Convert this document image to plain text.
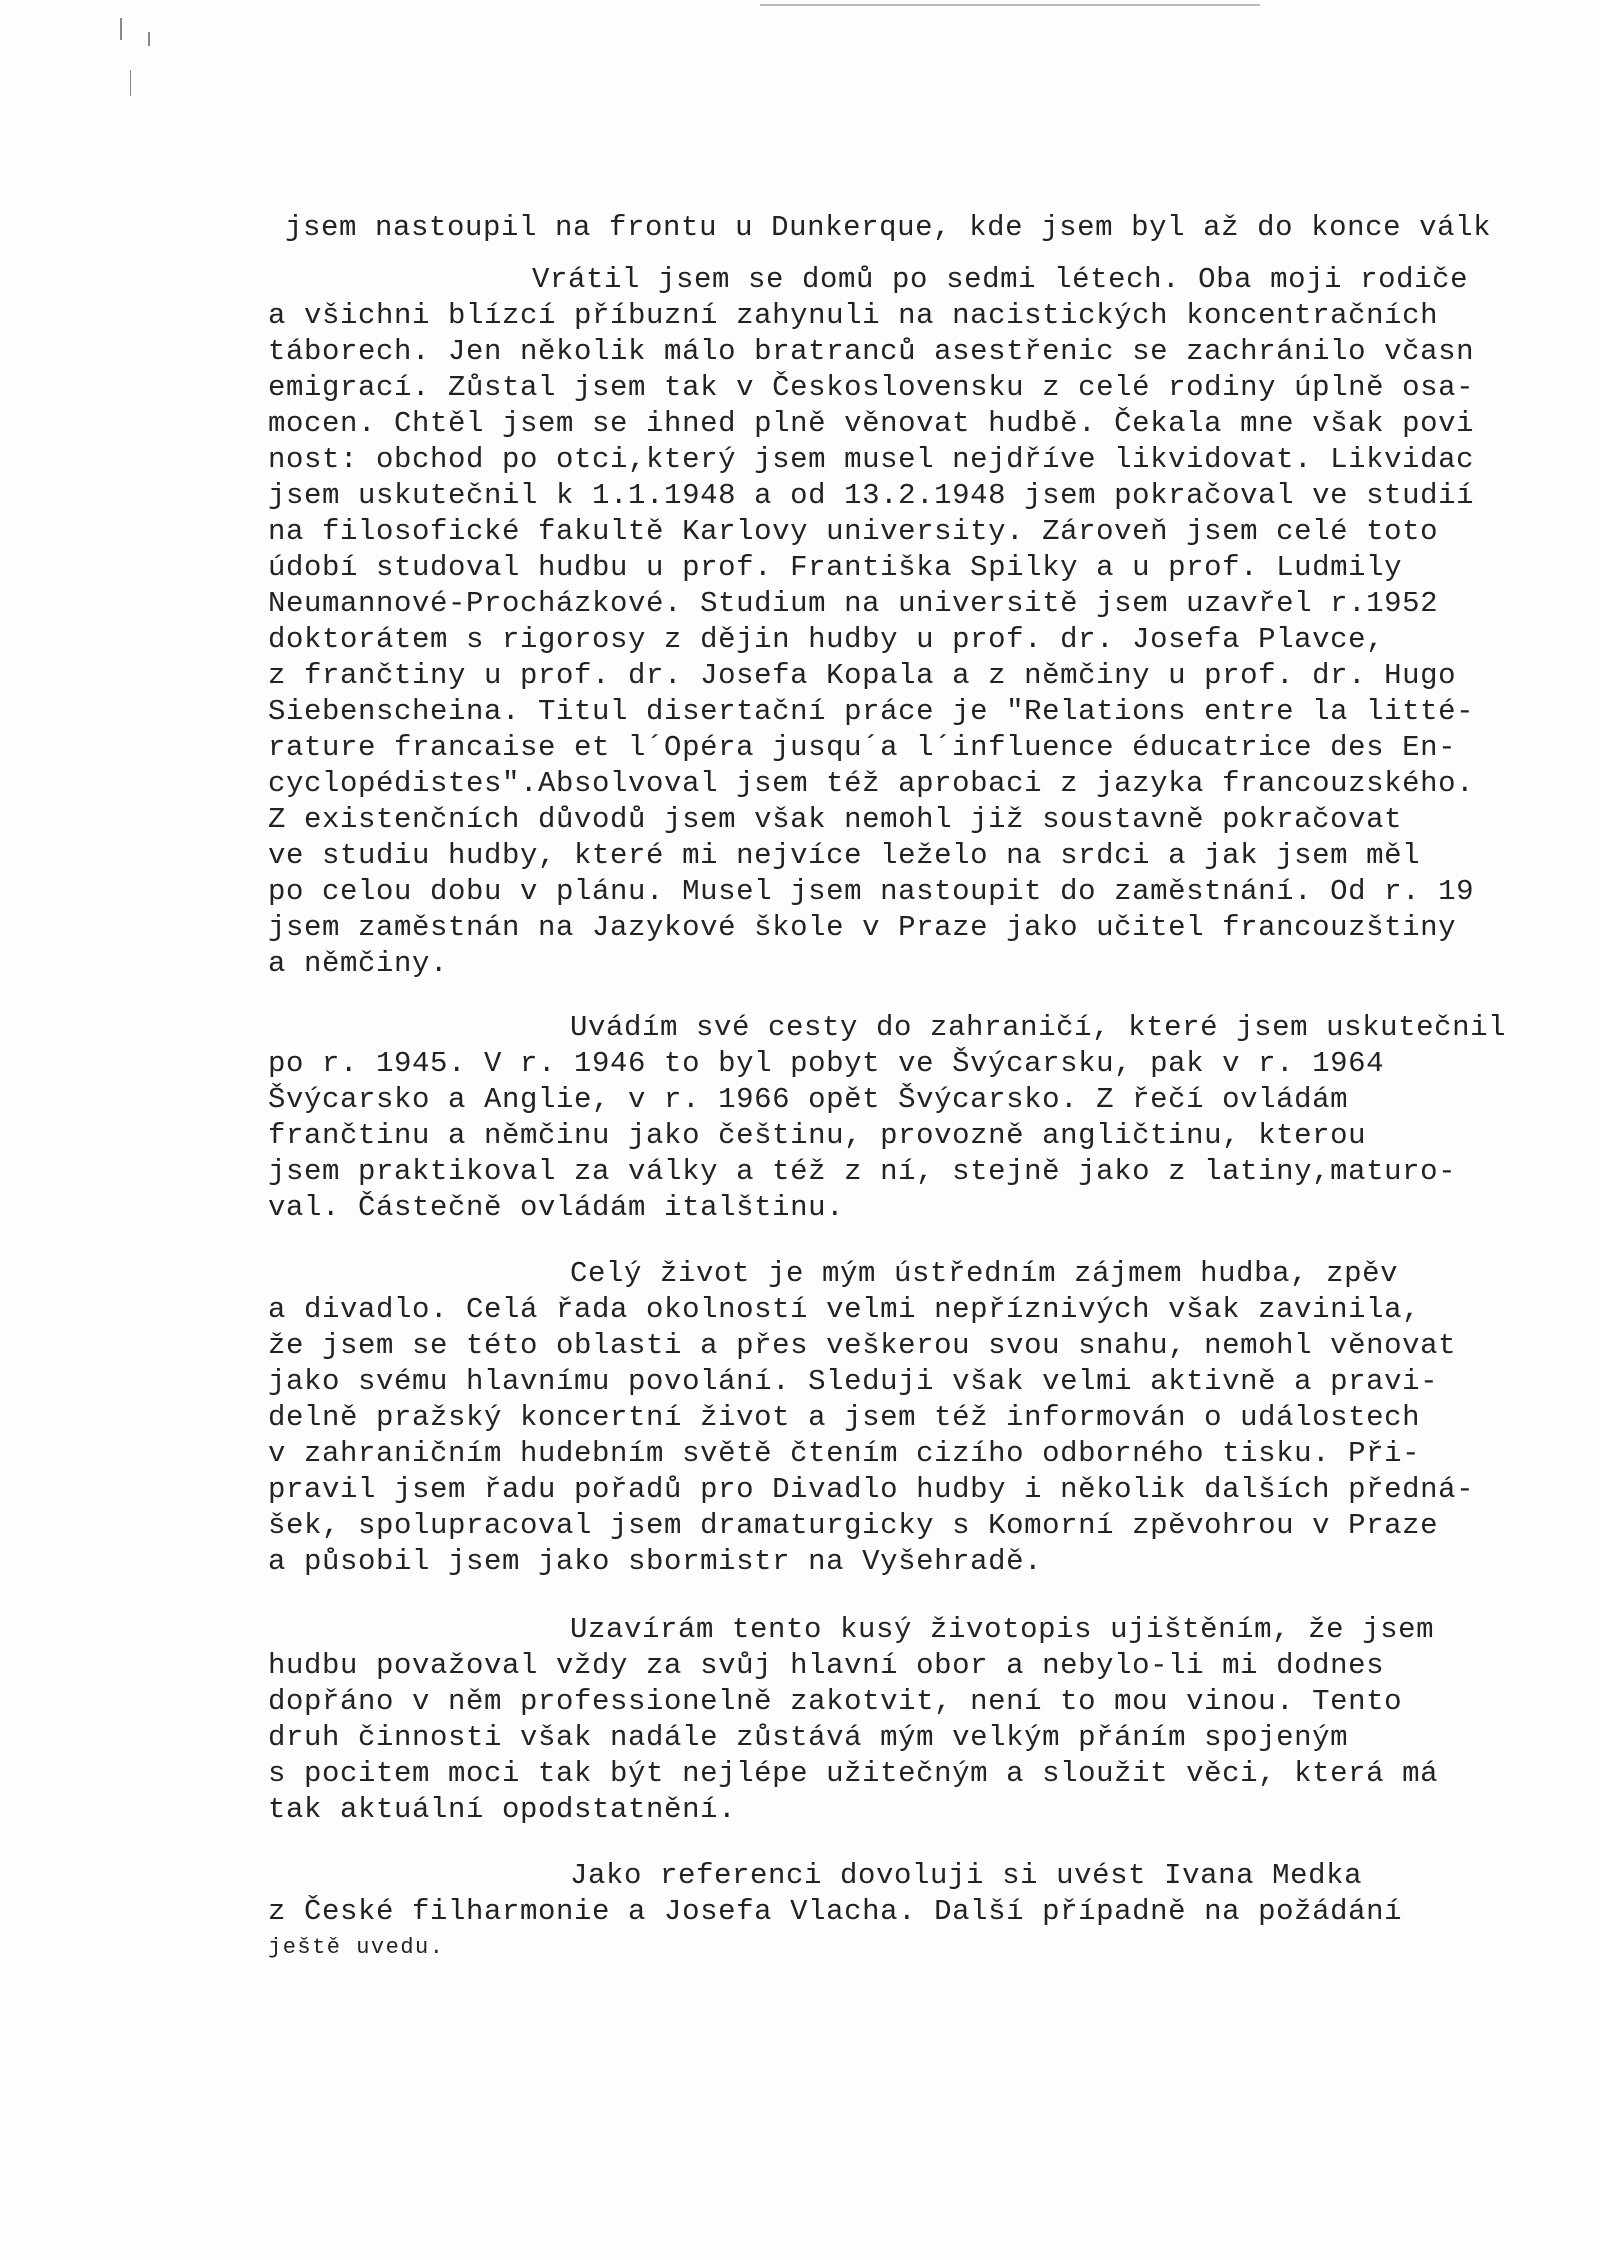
jsem nastoupil na frontu u Dunkerque, kde jsem byl až do konce válk
Vrátil jsem se domů po sedmi létech. Oba moji rodiče
a všichni blízcí příbuzní zahynuli na nacistických koncentračních
táborech. Jen několik málo bratranců asestřenic se zachránilo včasn
emigrací. Zůstal jsem tak v Československu z celé rodiny úplně osa-
mocen. Chtěl jsem se ihned plně věnovat hudbě. Čekala mne však povi
nost: obchod po otci,který jsem musel nejdříve likvidovat. Likvidac
jsem uskutečnil k 1.1.1948 a od 13.2.1948 jsem pokračoval ve studií
na filosofické fakultě Karlovy university. Zároveň jsem celé toto
údobí studoval hudbu u prof. Františka Spilky a u prof. Ludmily
Neumannové-Procházkové. Studium na universitě jsem uzavřel r.1952
doktorátem s rigorosy z dějin hudby u prof. dr. Josefa Plavce,
z frančtiny u prof. dr. Josefa Kopala a z němčiny u prof. dr. Hugo
Siebenscheina. Titul disertační práce je "Relations entre la litté-
rature francaise et l´Opéra jusqu´a l´influence éducatrice des En-
cyclopédistes".Absolvoval jsem též aprobaci z jazyka francouzského.
Z existenčních důvodů jsem však nemohl již soustavně pokračovat
ve studiu hudby, které mi nejvíce leželo na srdci a jak jsem měl
po celou dobu v plánu. Musel jsem nastoupit do zaměstnání. Od r. 19
jsem zaměstnán na Jazykové škole v Praze jako učitel francouzštiny
a němčiny.
Uvádím své cesty do zahraničí, které jsem uskutečnil
po r. 1945. V r. 1946 to byl pobyt ve Švýcarsku, pak v r. 1964
Švýcarsko a Anglie, v r. 1966 opět Švýcarsko. Z řečí ovládám
frančtinu a němčinu jako češtinu, provozně angličtinu, kterou
jsem praktikoval za války a též z ní, stejně jako z latiny,maturo-
val. Částečně ovládám italštinu.
Celý život je mým ústředním zájmem hudba, zpěv
a divadlo. Celá řada okolností velmi nepříznivých však zavinila,
že jsem se této oblasti a přes veškerou svou snahu, nemohl věnovat
jako svému hlavnímu povolání. Sleduji však velmi aktivně a pravi-
delně pražský koncertní život a jsem též informován o událostech
v zahraničním hudebním světě čtením cizího odborného tisku. Při-
pravil jsem řadu pořadů pro Divadlo hudby i několik dalších předná-
šek, spolupracoval jsem dramaturgicky s Komorní zpěvohrou v Praze
a působil jsem jako sbormistr na Vyšehradě.
Uzavírám tento kusý životopis ujištěním, že jsem
hudbu považoval vždy za svůj hlavní obor a nebylo-li mi dodnes
dopřáno v něm professionelně zakotvit, není to mou vinou. Tento
druh činnosti však nadále zůstává mým velkým přáním spojeným
s pocitem moci tak být nejlépe užitečným a sloužit věci, která má
tak aktuální opodstatnění.
Jako referenci dovoluji si uvést Ivana Medka
z České filharmonie a Josefa Vlacha. Další případně na požádání
ještě uvedu.
